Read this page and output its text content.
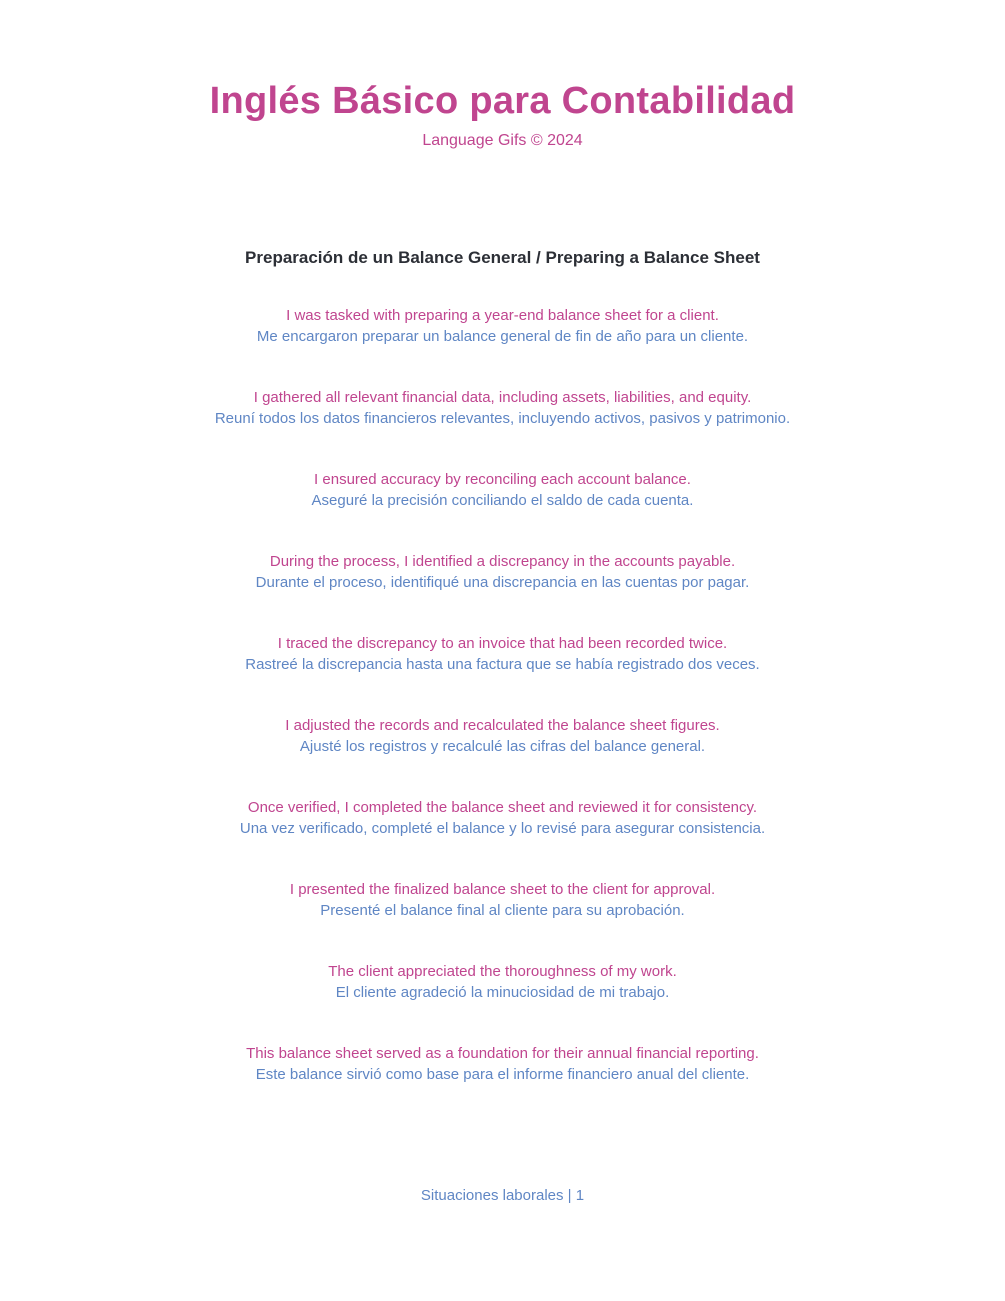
Inglés Básico para Contabilidad

Language Gifs © 2024

Preparación de un Balance General / Preparing a Balance Sheet
I was tasked with preparing a year-end balance sheet for a client.
Me encargaron preparar un balance general de fin de año para un cliente.
I gathered all relevant financial data, including assets, liabilities, and equity.
Reuní todos los datos financieros relevantes, incluyendo activos, pasivos y patrimonio.
I ensured accuracy by reconciling each account balance.
Aseguré la precisión conciliando el saldo de cada cuenta.
During the process, I identified a discrepancy in the accounts payable.
Durante el proceso, identifiqué una discrepancia en las cuentas por pagar.
I traced the discrepancy to an invoice that had been recorded twice.
Rastreé la discrepancia hasta una factura que se había registrado dos veces.
I adjusted the records and recalculated the balance sheet figures.
Ajusté los registros y recalculé las cifras del balance general.
Once verified, I completed the balance sheet and reviewed it for consistency.
Una vez verificado, completé el balance y lo revisé para asegurar consistencia.
I presented the finalized balance sheet to the client for approval.
Presenté el balance final al cliente para su aprobación.
The client appreciated the thoroughness of my work.
El cliente agradeció la minuciosidad de mi trabajo.
This balance sheet served as a foundation for their annual financial reporting.
Este balance sirvió como base para el informe financiero anual del cliente.
Situaciones laborales | 1
